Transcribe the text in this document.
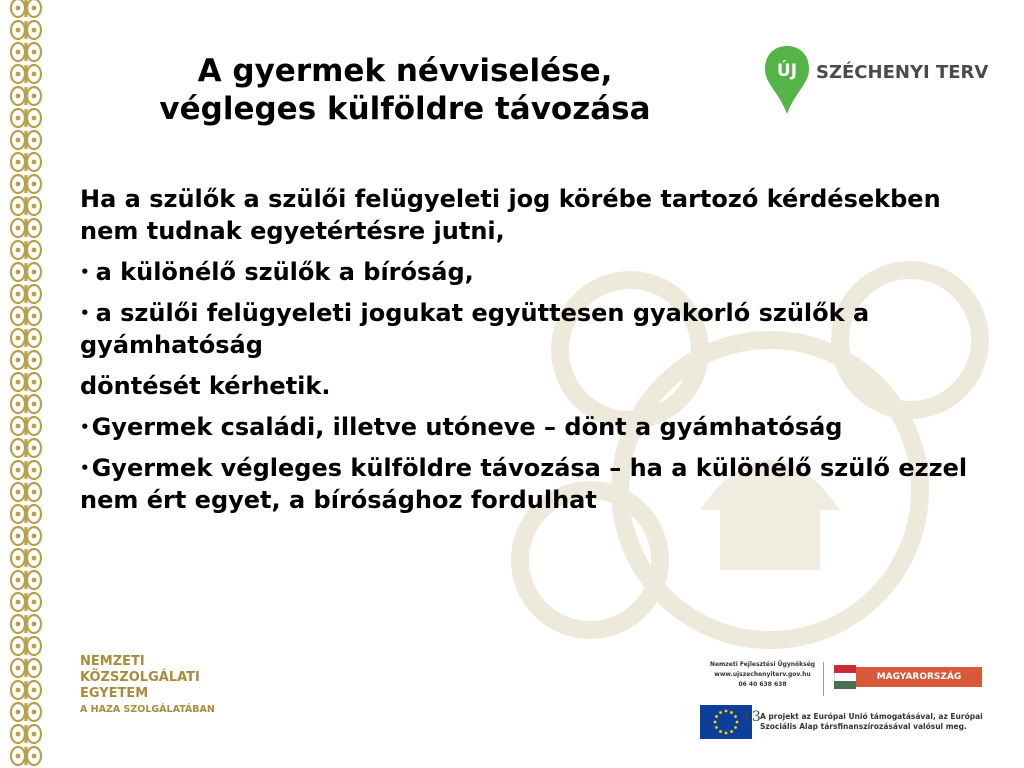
A gyermek névviselése,
végleges külföldre távozása
ÚJ SZÉCHENYI TERV

Ha a szülők a szülői felügyeleti jog körébe tartozó kérdésekben nem tudnak egyetértésre jutni,

• a különélő szülők a bíróság,

• a szülői felügyeleti jogukat együttesen gyakorló szülők a gyámhatóság

döntését kérhetik.

• Gyermek családi, illetve utóneve – dönt a gyámhatóság

• Gyermek végleges külföldre távozása – ha a különélő szülő ezzel nem ért egyet, a bírósághoz fordulhat

NEMZETI
KÖZSZOLGÁLATI
EGYETEM
A HAZA SZOLGÁLATÁBAN
Nemzeti Fejlesztési Ügynökség
www.ujszechenyiterv.gov.hu
06 40 638 638
MAGYARORSZÁG MEGÚJUL
A projekt az Európai Unió támogatásával, az Európai Szociális Alap társfinanszírozásával valósul meg.
13
